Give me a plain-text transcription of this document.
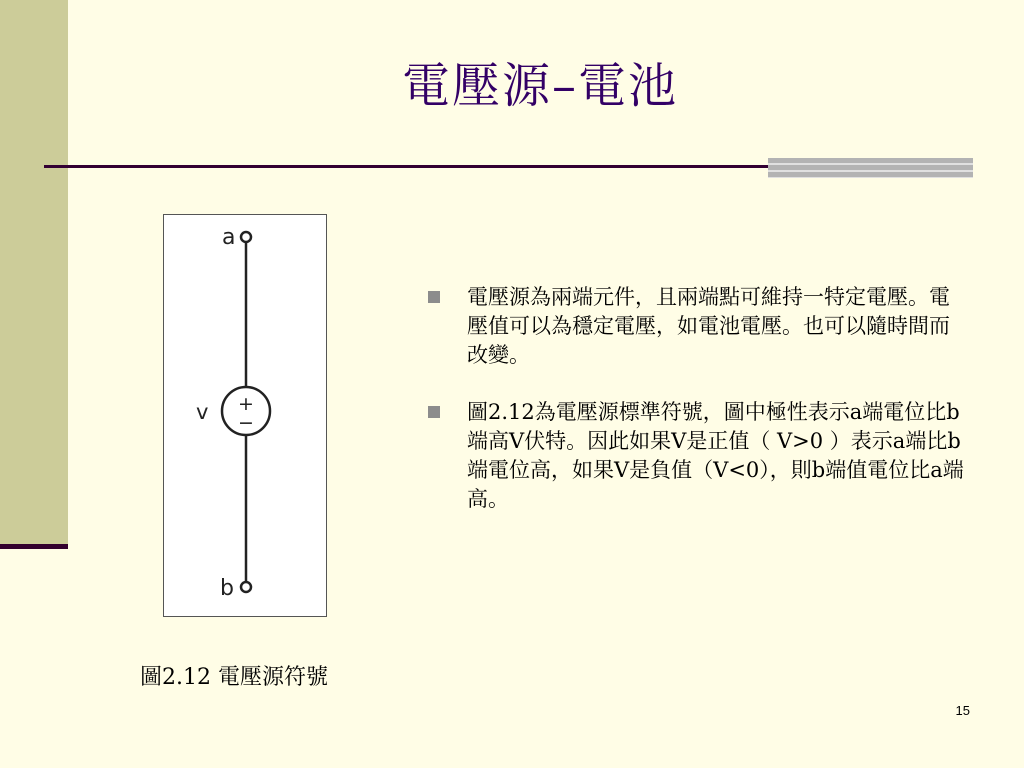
電壓源–電池
a
+
−
v
b
圖2.12 電壓源符號
電壓源為兩端元件，且兩端點可維持一特定電壓。電壓值可以為穩定電壓，如電池電壓。也可以隨時間而改變。
圖2.12為電壓源標準符號，圖中極性表示a端電位比b端高V伏特。因此如果V是正值（ V>0 ）表示a端比b端電位高，如果V是負值（V<0），則b端值電位比a端高。
15
